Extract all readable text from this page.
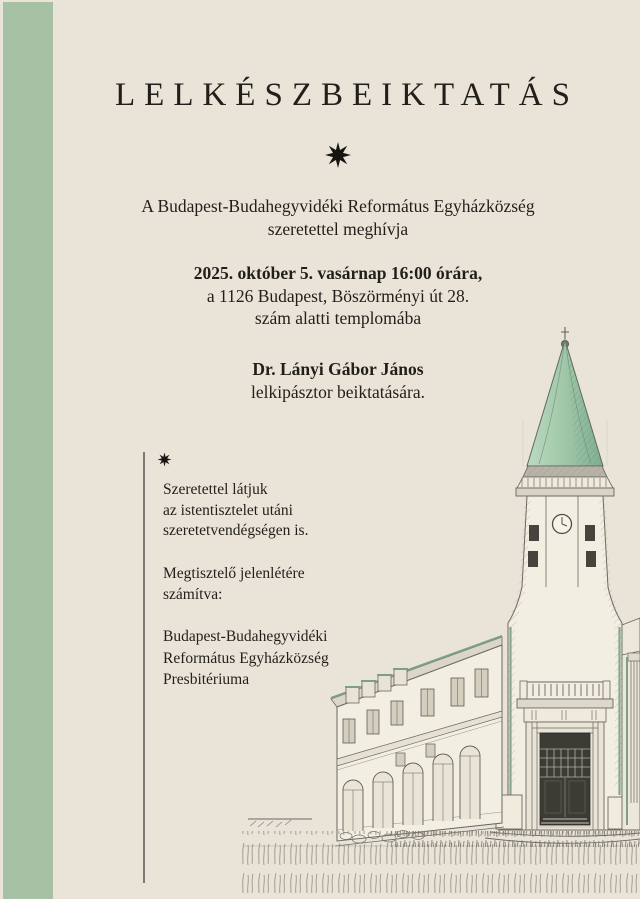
LELKÉSZBEIKTATÁS
A Budapest-Budahegyvidéki Református Egyházközség
szeretettel meghívja
2025. október 5. vasárnap 16:00 órára,
a 1126 Budapest, Böszörményi út 28.
szám alatti templomába
Dr. Lányi Gábor János
lelkipásztor beiktatására.
Szeretettel látjuk
az istentisztelet utáni
szeretetvendégségen is.
Megtisztelő jelenlétére
számítva:
Budapest-Budahegyvidéki
Református Egyházközség
Presbitériuma
